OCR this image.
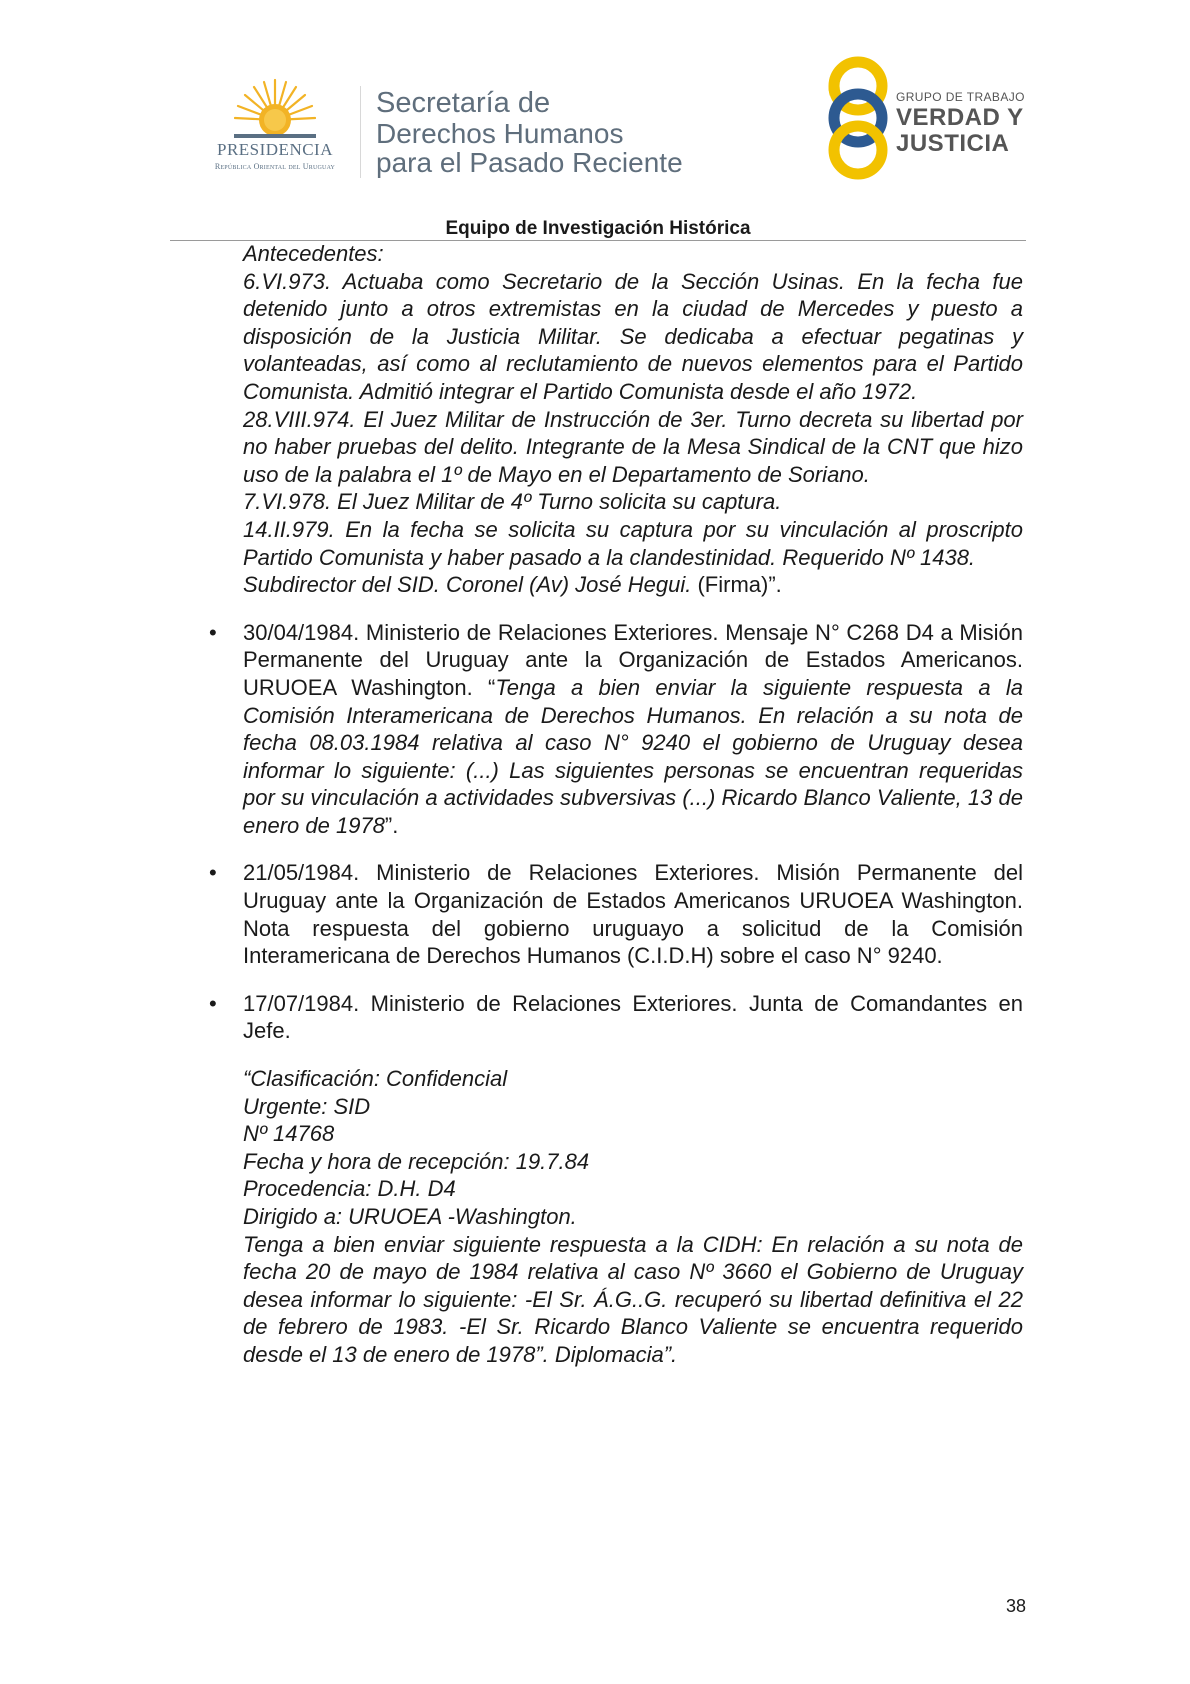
PRESIDENCIA
República Oriental del Uruguay
Secretaría de
Derechos Humanos
para el Pasado Reciente
GRUPO DE TRABAJO
VERDAD Y
JUSTICIA
Equipo de Investigación Histórica

Antecedentes:

6.VI.973. Actuaba como Secretario de la Sección Usinas. En la fecha fue detenido junto a otros extremistas en la ciudad de Mercedes y puesto a disposición de la Justicia Militar. Se dedicaba a efectuar pegatinas y volanteadas, así como al reclutamiento de nuevos elementos para el Partido Comunista. Admitió integrar el Partido Comunista desde el año 1972.

28.VIII.974. El Juez Militar de Instrucción de 3er. Turno decreta su libertad por no haber pruebas del delito. Integrante de la Mesa Sindical de la CNT que hizo uso de la palabra el 1º de Mayo en el Departamento de Soriano.

7.VI.978. El Juez Militar de 4º Turno solicita su captura.

14.II.979. En la fecha se solicita su captura por su vinculación al proscripto Partido Comunista y haber pasado a la clandestinidad. Requerido Nº 1438.

Subdirector del SID. Coronel (Av) José Hegui. (Firma)”.

• 30/04/1984. Ministerio de Relaciones Exteriores. Mensaje N° C268 D4 a Misión Permanente del Uruguay ante la Organización de Estados Americanos. URUOEA Washington. “Tenga a bien enviar la siguiente respuesta a la Comisión Interamericana de Derechos Humanos. En relación a su nota de fecha 08.03.1984 relativa al caso N° 9240 el gobierno de Uruguay desea informar lo siguiente: (...) Las siguientes personas se encuentran requeridas por su vinculación a actividades subversivas (...) Ricardo Blanco Valiente, 13 de enero de 1978”.

• 21/05/1984. Ministerio de Relaciones Exteriores. Misión Permanente del Uruguay ante la Organización de Estados Americanos URUOEA Washington. Nota respuesta del gobierno uruguayo a solicitud de la Comisión Interamericana de Derechos Humanos (C.I.D.H) sobre el caso N° 9240.

• 17/07/1984. Ministerio de Relaciones Exteriores. Junta de Comandantes en Jefe.

“Clasificación: Confidencial

Urgente: SID

Nº 14768

Fecha y hora de recepción: 19.7.84

Procedencia: D.H. D4

Dirigido a: URUOEA -Washington.

Tenga a bien enviar siguiente respuesta a la CIDH: En relación a su nota de fecha 20 de mayo de 1984 relativa al caso Nº 3660 el Gobierno de Uruguay desea informar lo siguiente: -El Sr. Á.G..G. recuperó su libertad definitiva el 22 de febrero de 1983. -El Sr. Ricardo Blanco Valiente se encuentra requerido desde el 13 de enero de 1978”. Diplomacia”.

38
